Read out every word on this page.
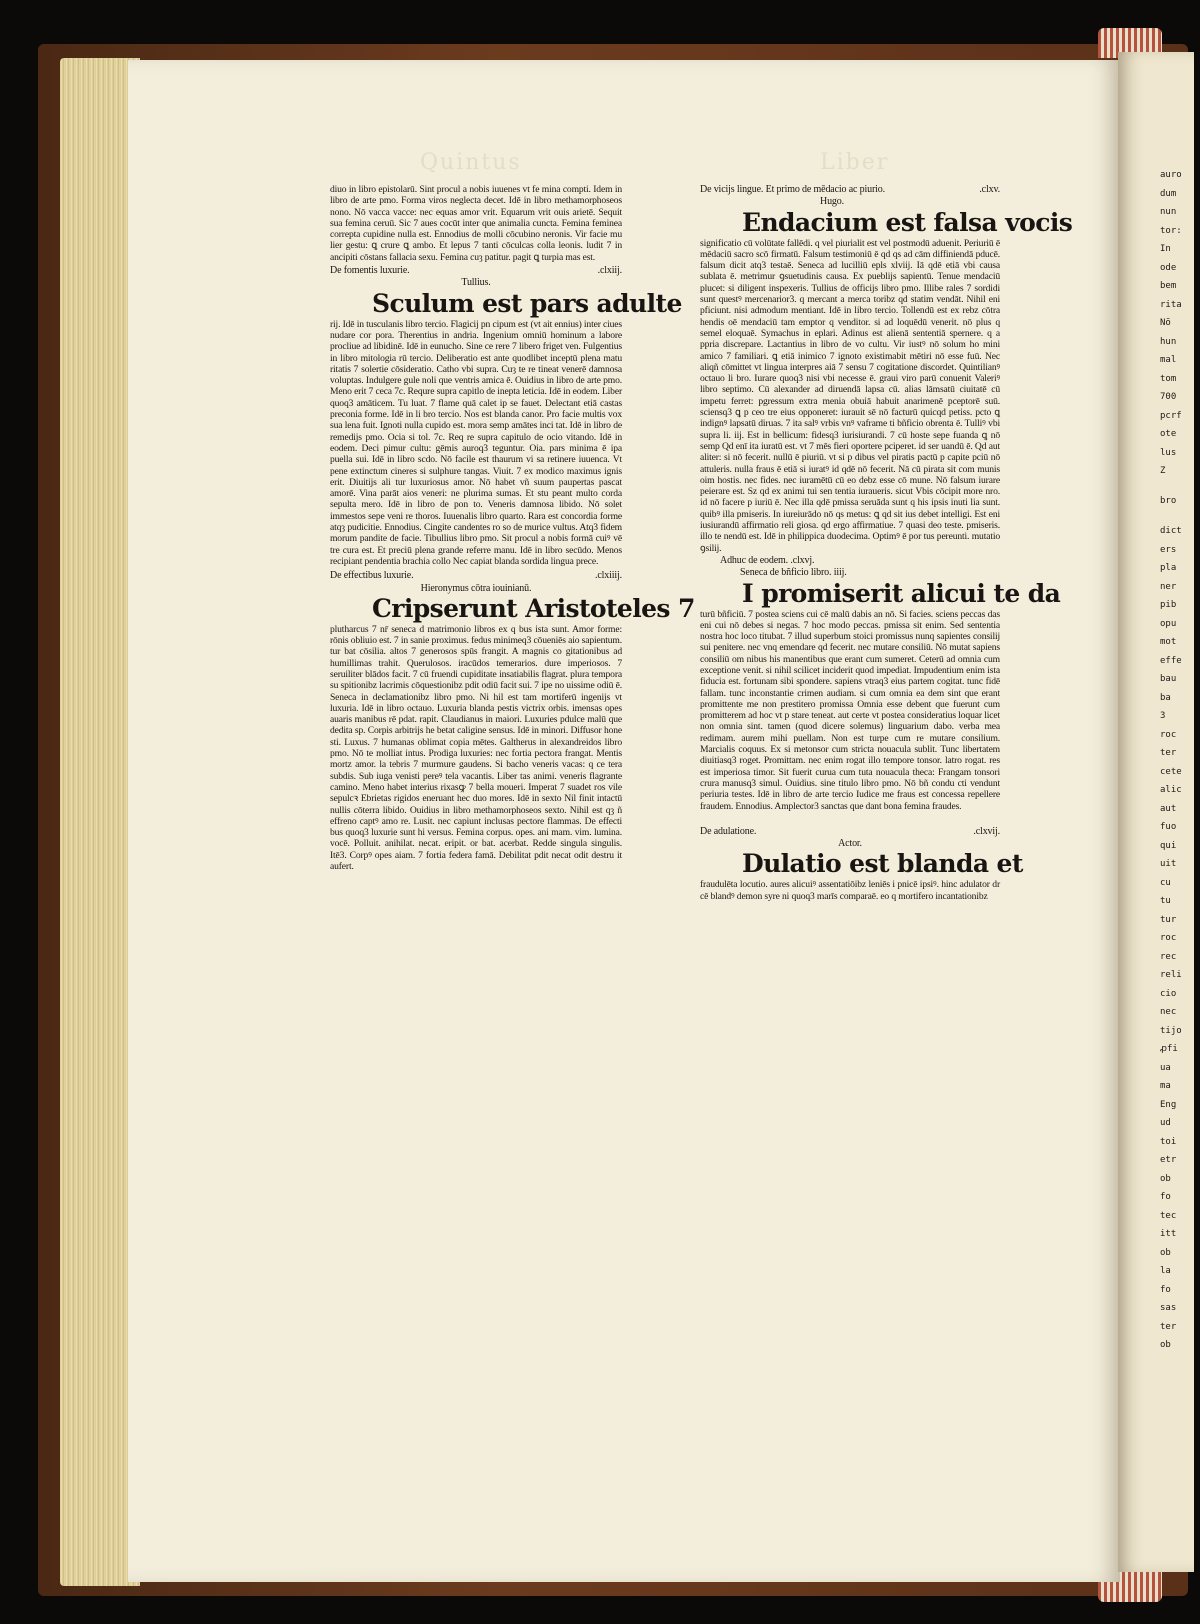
Quintus	Liber

diuo in libro epistolarū. Sint procul a nobis iuuenes vt fe mina compti. Idem in libro de arte pmo. Forma viros neglecta decet. Idē in libro methamorphoseos nono. Nō vacca vacce: nec equas amor vrit. Equarum vrit ouis arietē. Sequit sua femina ceruū. Sic 7 aues cocūt inter que animalia cuncta. Femina feminea correpta cupidine nulla est. Ennodius de molli cōcubino neronis. Vir facie mu lier gestu: ꝗ crure ꝗ ambo. Et lepus 7 tanti cōculcas colla leonis. ludit 7 in ancipiti cōstans fallacia sexu. Femina cuȝ patitur. pagit ꝗ turpia mas est.

De fomentis luxurie.	.clxiij.
Tullius.
Sculum est pars adulte

rij. Idē in tusculanis libro tercio. Flagicij pn cipum est (vt ait ennius) inter ciues nudare cor pora. Therentius in andria. Ingenium omniū hominum a labore procliue ad libidinē. Idē in eunucho. Sine ce rere 7 libero friget ven. Fulgentius in libro mitologia rū tercio. Deliberatio est ante quodlibet inceptū plena matu ritatis 7 solertie cōsideratio. Catho vbi supra. Cuȝ te re tineat venerē damnosa voluptas. Indulgere gule noli que ventris amica ē. Ouidius in libro de arte pmo. Meno erit 7 ceca 7c. Requre supra capitlo de inepta leticia. Idē in eodem. Liber quoq3 amāticem. Tu luat. 7 flame quā calet ip se fauet. Delectant etiā castas preconia forme. Idē in li bro tercio. Nos est blanda canor. Pro facie multis vox sua lena fuit. Ignoti nulla cupido est. mora semp amātes inci tat. Idē in libro de remedijs pmo. Ocia si tol. 7c. Req re supra capitulo de ocio vitando. Idē in eodem. Deci pimur cultu: gēmis auroq3 teguntur. Oia. pars minima ē ipa puella sui. Idē in libro scdo. Nō facile est thaurum vi sa retinere iuuenca. Vt pene extinctum cineres si sulphure tangas. Viuit. 7 ex modico maximus ignis erit. Diuitijs ali tur luxuriosus amor. Nō habet vñ suum paupertas pascat amorē. Vina parāt aios veneri: ne plurima sumas. Et stu peant multo corda sepulta mero. Idē in libro de pon to. Veneris damnosa libido. Nō solet immestos sepe veni re thoros. Iuuenalis libro quarto. Rara est concordia forme atqȝ pudicitie. Ennodius. Cingite candentes ro so de murice vultus. Atq3 fidem morum pandite de facie. Tibullius libro pmo. Sit procul a nobis formā cuiꝰ vē tre cura est. Et preciū plena grande referre manu. Idē in libro secūdo. Menos recipiant pendentia brachia collo Nec capiat blanda sordida lingua prece.

De effectibus luxurie.	.clxiiij.
Hieronymus cōtra iouinianū.
Cripserunt Aristoteles 7

plutharcus 7 nr̄ seneca d matrimonio libros ex q bus ista sunt. Amor forme: rōnis obliuio est. 7 in sanie proximus. fedus minimeq3 cōueniēs aio sapientum. tur bat cōsilia. altos 7 generosos spūs frangit. A magnis co gitationibus ad humillimas trahit. Querulosos. iracūdos temerarios. dure imperiosos. 7 seruiliter blādos facit. 7 cū fruendi cupiditate insatiabilis flagrat. plura tempora su spitionibz lacrimis cōquestionibz pdit odiū facit sui. 7 ipe no uissime odiū ē. Seneca in declamationibz libro pmo. Ni hil est tam mortiferū ingenijs vt luxuria. Idē in libro octauo. Luxuria blanda pestis victrix orbis. imensas opes auaris manibus rē pdat. rapit. Claudianus in maiori. Luxuries pdulce malū que dedita sp. Corpis arbitrijs he betat caligine sensus. Idē in minori. Diffusor hone sti. Luxus. 7 humanas oblimat copia mētes. Galtherus in alexandreidos libro pmo. Nō te molliat intus. Prodiga luxuries: nec fortia pectora frangat. Mentis mortz amor. la tebris 7 murmure gaudens. Si bacho veneris vacas: q ce tera subdis. Sub iuga venisti pereꝰ tela vacantis. Liber tas animi. veneris flagrante camino. Meno habet interius rixasꝙ 7 bella moueri. Imperat 7 suadet ros vile sepulcꝛ Ebrietas rigidos eneruant hec duo mores. Idē in sexto Nil finit intactū nullis cōterra libido. Ouidius in libro methamorphoseos sexto. Nihil est qȝ ñ effreno captꝰ amo re. Lusit. nec capiunt inclusas pectore flammas. De effecti bus quoq3 luxurie sunt hi versus. Femina corpus. opes. ani mam. vim. lumina. vocē. Polluit. anihilat. necat. eripit. or bat. acerbat. Redde singula singulis. Itē3. Corpꝰ opes aiam. 7 fortia federa famā. Debilitat pdit necat odit destru it aufert.

De vicijs lingue. Et primo de mēdacio ac piurio.	.clxv.
Hugo.
Endacium est falsa vocis

significatio cū volūtate fallēdi. q vel piurialit est vel postmodū aduenit. Periuriū ē mēdaciū sacro scō firmatū. Falsum testimoniū ē qd qs ad cām diffiniendā pducē. falsum dicit atq3 testaē. Seneca ad lucilliū epls xlviij. Iā qdē etiā vbi causa sublata ē. metrimur ꝯsuetudinis causa. Ex pueblijs sapientū. Tenue mendaciū plucet: si diligent inspexeris. Tullius de officijs libro pmo. Illibe rales 7 sordidi sunt questꝰ mercenarior3. q mercant a merca toribz qd statim vendāt. Nihil eni pficiunt. nisi admodum mentiant. Idē in libro tercio. Tollendū est ex rebz cōtra hendis oē mendaciū tam emptor q venditor. si ad loquēdū venerit. nō plus q semel eloquaē. Symachus in eplari. Adinus est alienā sententiā spernere. q a ppria discrepare. Lactantius in libro de vo cultu. Vir iustꝰ nō solum ho mini amico 7 familiari. ꝗ etiā inimico 7 ignoto existimabit mētiri nō esse fuū. Nec aliqñ cōmittet vt lingua interpres aiā 7 sensu 7 cogitatione discordet. Quintilianꝰ octauo li bro. Iurare quoq3 nisi vbi necesse ē. graui viro parū conuenit Valeriꝰ libro septimo. Cū alexander ad diruendā lapsa cū. alias lāmsatū ciuitatē cū impetu ferret: pgressum extra menia obuiā habuit anarimenē pceptorē suū. sciensq3 ꝗ p ceo tre eius opponeret: iurauit sē nō facturū quicqd petiss. pcto ꝗ indignꝰ lapsatū diruas. 7 ita salꝰ vrbis vnꝰ vaframe ti bñficio obrenta ē. Tulliꝰ vbi supra li. iij. Est in bellicum: fidesq3 iurisiurandi. 7 cū hoste sepe fuanda ꝗ nō semp Qd enī ita iuratū est. vt 7 mēs fieri oportere pciperet. id ser uandū ē. Qd aut aliter: si nō fecerit. nullū ē piuriū. vt si p dibus vel piratis pactū p capite pciū nō attuleris. nulla fraus ē etiā si iuratꝰ id qdē nō fecerit. Nā cū pirata sit com munis oim hostis. nec fides. nec iuramētū cū eo debz esse cō mune. Nō falsum iurare peierare est. Sz qd ex animi tui sen tentia iuraueris. sicut Vbis cōcipit more nro. id nō facere p iuriū ē. Nec illa qdē pmissa seruāda sunt q his ipsis inuti lia sunt. quibꝰ illa pmiseris. In iureiurādo nō qs metus: ꝗ qd sit ius debet intelligi. Est eni iusiurandū affirmatio reli giosa. qd ergo affirmatiue. 7 quasi deo teste. pmiseris. illo te nendū est. Idē in philippica duodecima. Optimꝰ ē por tus pereunti. mutatio ꝯsilij.

Adhuc de eodem. .clxvj.
Seneca de bñficio libro. iiij.
I promiserit alicui te da

turū bñficiū. 7 postea sciens cui cē malū dabis an nō. Si facies. sciens peccas das eni cui nō debes si negas. 7 hoc modo peccas. pmissa sit enim. Sed sententia nostra hoc loco titubat. 7 illud superbum stoici promissus nunq sapientes consilij sui penitere. nec vnq emendare qd fecerit. nec mutare consiliū. Nō mutat sapiens consiliū om nibus his manentibus que erant cum sumeret. Ceterū ad omnia cum exceptione venit. si nihil scilicet inciderit quod impediat. Impudentium enim ista fiducia est. fortunam sibi spondere. sapiens vtraq3 eius partem cogitat. tunc fidē fallam. tunc inconstantie crimen audiam. si cum omnia ea dem sint que erant promittente me non prestitero promissa Omnia esse debent que fuerunt cum promitterem ad hoc vt p stare teneat. aut certe vt postea consideratius loquar licet non omnia sint. tamen (quod dicere solemus) linguarium dabo. verba mea redimam. aurem mihi puellam. Non est turpe cum re mutare consilium. Marcialis coquus. Ex si metonsor cum stricta nouacula sublit. Tunc libertatem diuitiasq3 roget. Promittam. nec enim rogat illo tempore tonsor. latro rogat. res est imperiosa timor. Sit fuerit curua cum tuta nouacula theca: Frangam tonsori crura manusq3 simul. Ouidius. sine titulo libro pmo. Nō bñ condu cti vendunt periuria testes. Idē in libro de arte tercio Iudice me fraus est concessa repellere fraudem. Ennodius. Amplector3 sanctas que dant bona femina fraudes.

De adulatione.	.clxvij.
Actor.
Dulatio est blanda et

fraudulēta locutio. aures alicuiꝰ assentatiōibz leniēs i pnicē ipsiꝰ. hinc adulator dr cē blandꝰ demon syre ni quoq3 marīs comparaē. eo q mortifero incantationibz

auro
dum
nun
tor:
In
ode
bem
rita
Nō
hun
mal
tom
700
pcrf
ote
lus
Z
bro
dict
ers
pla
ner
pib
opu
mot
effe
bau
ba
3
roc
ter
cete
alic
aut
fuo
qui
uit
cu
tu
tur
roc
rec
reli
cio
nec
tijo
ꝓfi
ua
ma
Eng
ud
toi
etr
ob
fo
tec
itt
ob
la
fo
sas
ter
ob
